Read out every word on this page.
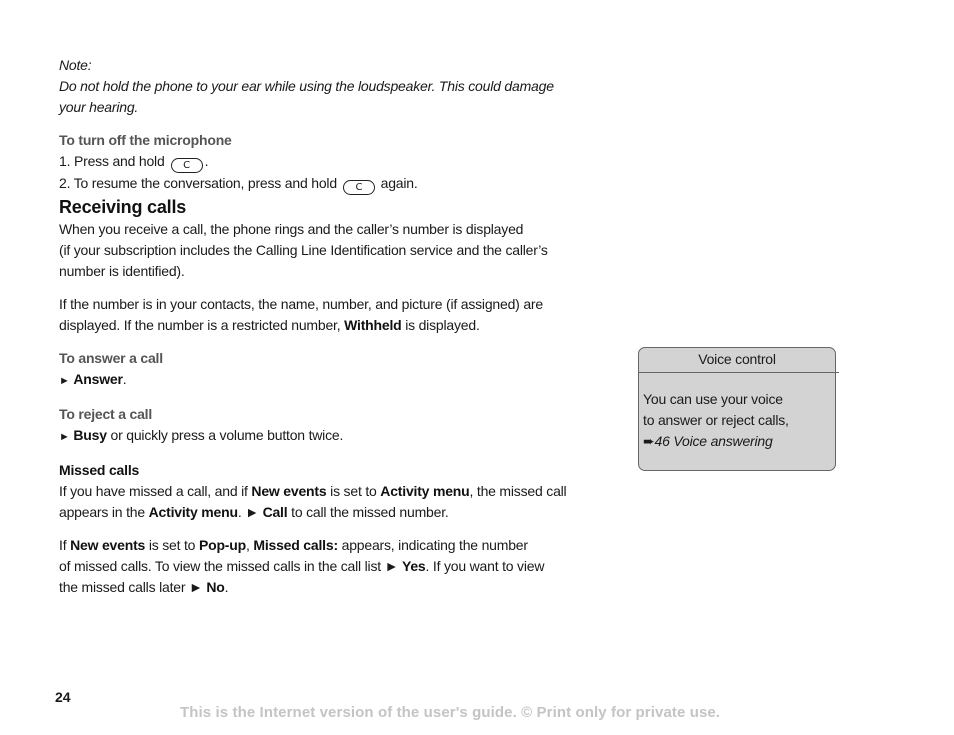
Note:

Do not hold the phone to your ear while using the loudspeaker. This could damage

your hearing.

To turn off the microphone

1. Press and hold C .

2. To resume the conversation, press and hold C again.

Receiving calls

When you receive a call, the phone rings and the caller’s number is displayed

(if your subscription includes the Calling Line Identification service and the caller’s

number is identified).

If the number is in your contacts, the name, number, and picture (if assigned) are

displayed. If the number is a restricted number, Withheld is displayed.

To answer a call

► Answer.

To reject a call

► Busy or quickly press a volume button twice.

Missed calls

If you have missed a call, and if New events is set to Activity menu, the missed call

appears in the Activity menu. ► Call to call the missed number.

If New events is set to Pop-up, Missed calls: appears, indicating the number

of missed calls. To view the missed calls in the call list ► Yes. If you want to view

the missed calls later ► No.

Voice control
You can use your voice
to answer or reject calls,
➨46 Voice answering
24
This is the Internet version of the user's guide. © Print only for private use.
